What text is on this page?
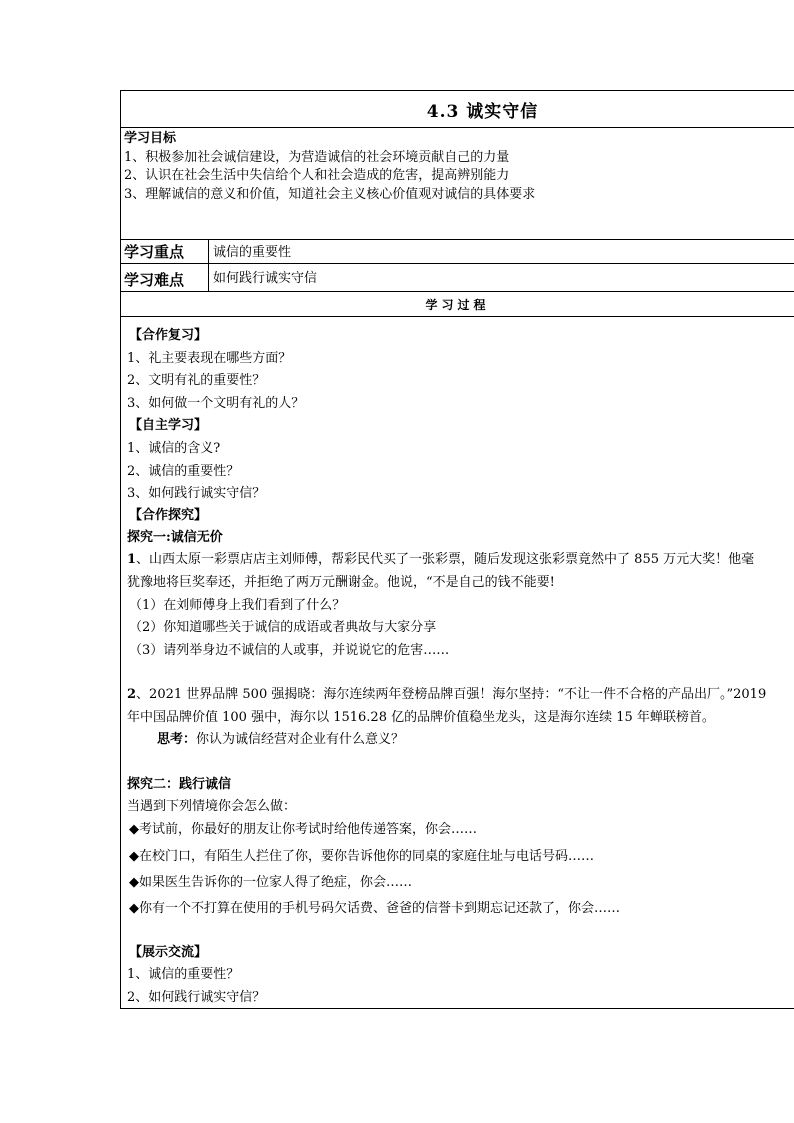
4.3 诚实守信
学习目标
1、积极参加社会诚信建设，为营造诚信的社会环境贡献自己的力量
2、认识在社会生活中失信给个人和社会造成的危害，提高辨别能力
3、理解诚信的意义和价值，知道社会主义核心价值观对诚信的具体要求
学习重点	诚信的重要性
学习难点	如何践行诚实守信
学习过程
【合作复习】
1、礼主要表现在哪些方面？
2、文明有礼的重要性？
3、如何做一个文明有礼的人？
【自主学习】
1、诚信的含义?
2、诚信的重要性？
3、如何践行诚实守信？
【合作探究】
探究一:诚信无价
1、山西太原一彩票店店主刘师傅，帮彩民代买了一张彩票，随后发现这张彩票竟然中了 855 万元大奖！他毫
犹豫地将巨奖奉还，并拒绝了两万元酬谢金。他说，“不是自己的钱不能要!
（1）在刘师傅身上我们看到了什么？
（2）你知道哪些关于诚信的成语或者典故与大家分享
（3）请列举身边不诚信的人或事，并说说它的危害……
2、2021 世界品牌 500 强揭晓：海尔连续两年登榜品牌百强！海尔坚持：“不让一件不合格的产品出厂。”2019
年中国品牌价值 100 强中，海尔以 1516.28 亿的品牌价值稳坐龙头，这是海尔连续 15 年蝉联榜首。
思考：你认为诚信经营对企业有什么意义？
探究二：践行诚信
当遇到下列情境你会怎么做：
◆考试前，你最好的朋友让你考试时给他传递答案，你会……
◆在校门口，有陌生人拦住了你，要你告诉他你的同桌的家庭住址与电话号码……
◆如果医生告诉你的一位家人得了绝症，你会……
◆你有一个不打算在使用的手机号码欠话费、爸爸的信誉卡到期忘记还款了，你会……
【展示交流】
1、诚信的重要性？
2、如何践行诚实守信？
